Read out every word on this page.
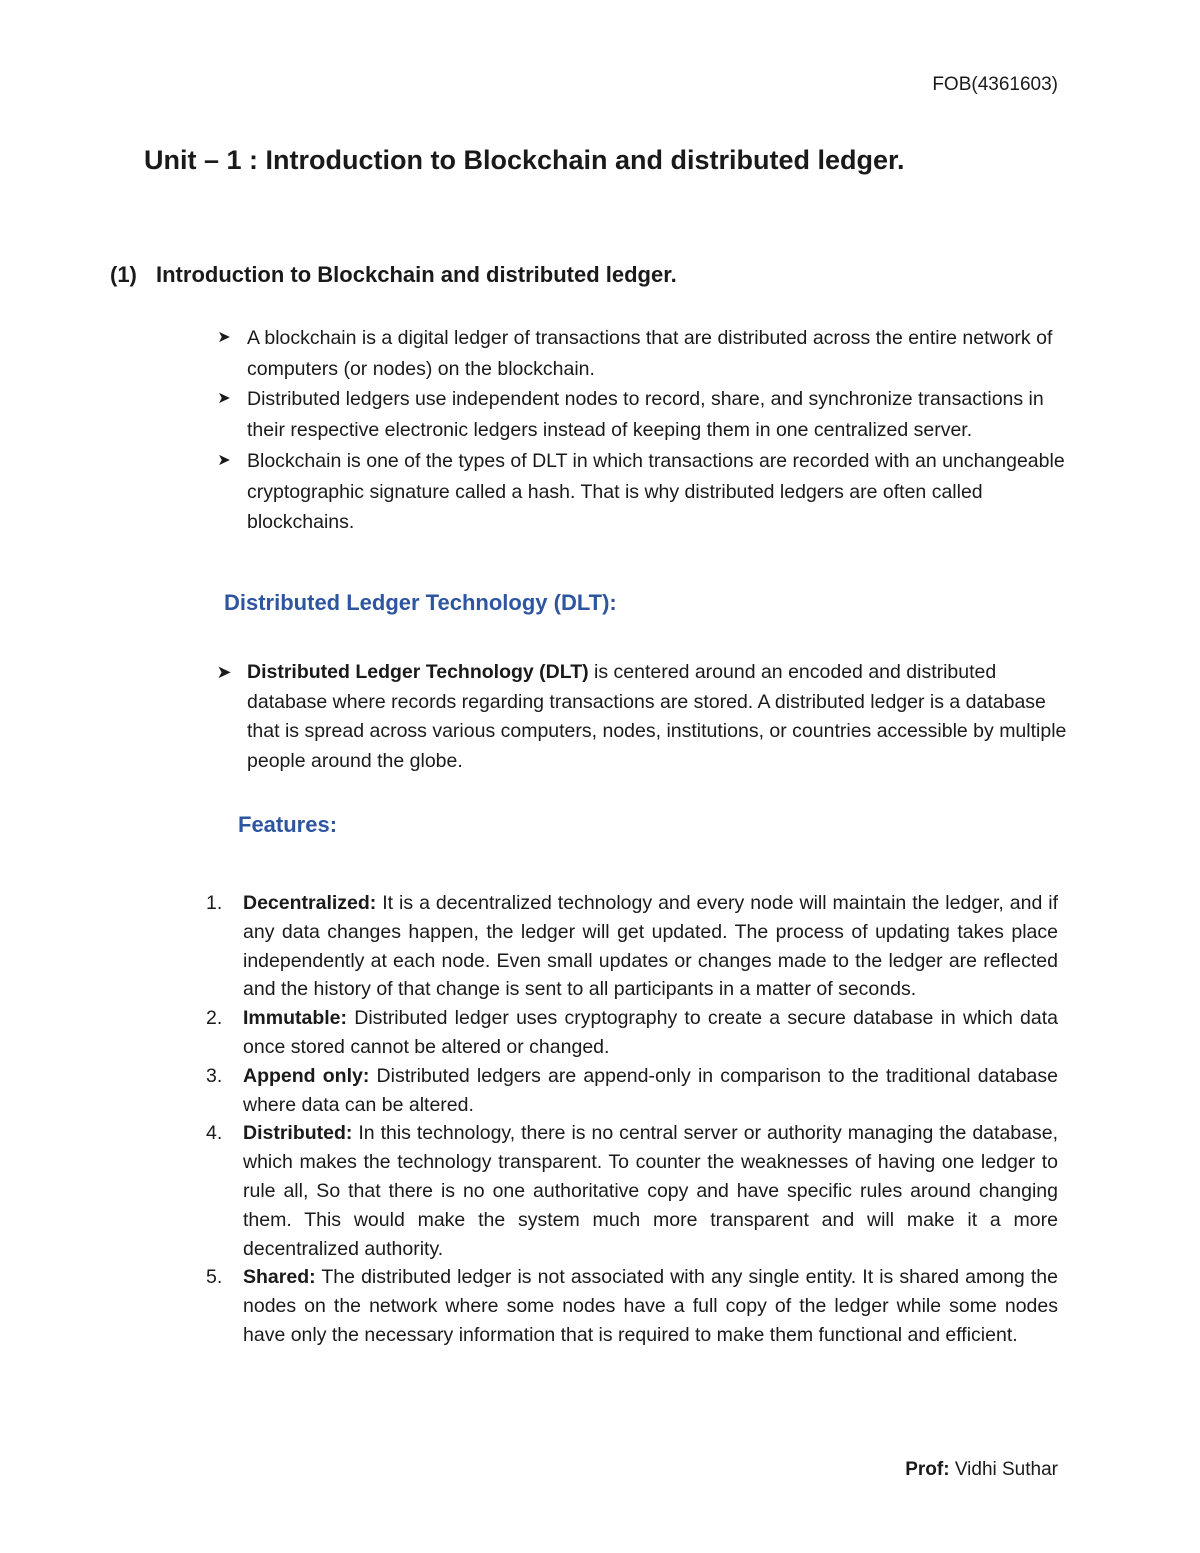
FOB(4361603)
Unit – 1 : Introduction to Blockchain and distributed ledger.
(1) Introduction to Blockchain and distributed ledger.
➤ A blockchain is a digital ledger of transactions that are distributed across the entire network of computers (or nodes) on the blockchain.
➤ Distributed ledgers use independent nodes to record, share, and synchronize transactions in their respective electronic ledgers instead of keeping them in one centralized server.
➤ Blockchain is one of the types of DLT in which transactions are recorded with an unchangeable cryptographic signature called a hash. That is why distributed ledgers are often called blockchains.
Distributed Ledger Technology (DLT):
➤ Distributed Ledger Technology (DLT) is centered around an encoded and distributed database where records regarding transactions are stored. A distributed ledger is a database that is spread across various computers, nodes, institutions, or countries accessible by multiple people around the globe.
Features:
1. Decentralized: It is a decentralized technology and every node will maintain the ledger, and if any data changes happen, the ledger will get updated. The process of updating takes place independently at each node. Even small updates or changes made to the ledger are reflected and the history of that change is sent to all participants in a matter of seconds.
2. Immutable: Distributed ledger uses cryptography to create a secure database in which data once stored cannot be altered or changed.
3. Append only: Distributed ledgers are append-only in comparison to the traditional database where data can be altered.
4. Distributed: In this technology, there is no central server or authority managing the database, which makes the technology transparent. To counter the weaknesses of having one ledger to rule all, So that there is no one authoritative copy and have specific rules around changing them. This would make the system much more transparent and will make it a more decentralized authority.
5. Shared: The distributed ledger is not associated with any single entity. It is shared among the nodes on the network where some nodes have a full copy of the ledger while some nodes have only the necessary information that is required to make them functional and efficient.
Prof: Vidhi Suthar
